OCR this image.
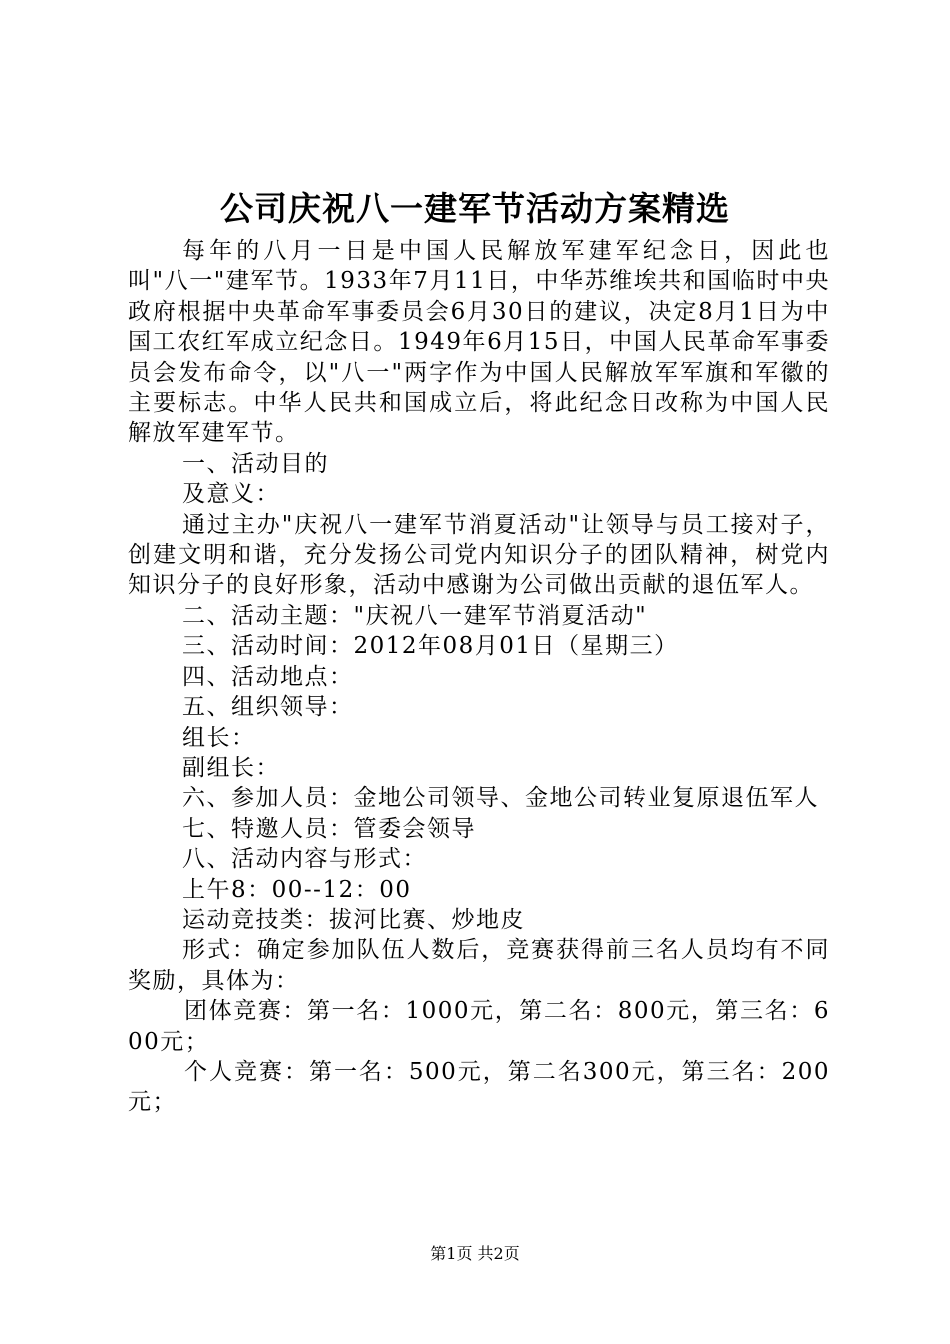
公司庆祝八一建军节活动方案精选

每年的八月一日是中国人民解放军建军纪念日，因此也叫"八一"建军节。1933年7月11日，中华苏维埃共和国临时中央政府根据中央革命军事委员会6月30日的建议，决定8月1日为中国工农红军成立纪念日。1949年6月15日，中国人民革命军事委员会发布命令，以"八一"两字作为中国人民解放军军旗和军徽的主要标志。中华人民共和国成立后，将此纪念日改称为中国人民解放军建军节。

一、活动目的

及意义：

通过主办"庆祝八一建军节消夏活动"让领导与员工接对子，创建文明和谐，充分发扬公司党内知识分子的团队精神，树党内知识分子的良好形象，活动中感谢为公司做出贡献的退伍军人。

二、活动主题："庆祝八一建军节消夏活动"

三、活动时间：2012年08月01日（星期三）

四、活动地点：

五、组织领导：

组长：

副组长：

六、参加人员：金地公司领导、金地公司转业复原退伍军人

七、特邀人员：管委会领导

八、活动内容与形式：

上午8：00--12：00

运动竞技类：拔河比赛、炒地皮

形式：确定参加队伍人数后，竞赛获得前三名人员均有不同奖励，具体为：

团体竞赛：第一名：1000元，第二名：800元，第三名：600元；

个人竞赛：第一名：500元，第二名300元，第三名：200元；

第1页 共2页
